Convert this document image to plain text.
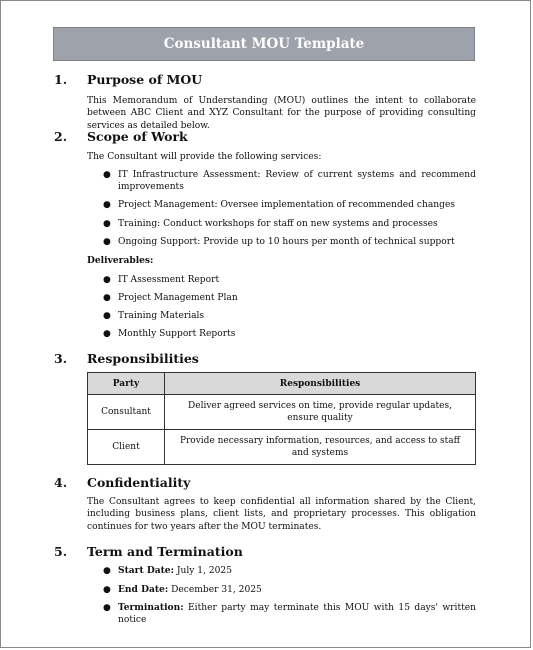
Consultant MOU Template
1. Purpose of MOU
This Memorandum of Understanding (MOU) outlines the intent to collaborate between ABC Client and XYZ Consultant for the purpose of providing consulting services as detailed below.
2. Scope of Work
The Consultant will provide the following services:
● IT Infrastructure Assessment: Review of current systems and recommend improvements
● Project Management: Oversee implementation of recommended changes
● Training: Conduct workshops for staff on new systems and processes
● Ongoing Support: Provide up to 10 hours per month of technical support
Deliverables:
● IT Assessment Report
● Project Management Plan
● Training Materials
● Monthly Support Reports
3. Responsibilities
Party	Responsibilities
Consultant	Deliver agreed services on time, provide regular updates, ensure quality
Client	Provide necessary information, resources, and access to staff and systems
4. Confidentiality
The Consultant agrees to keep confidential all information shared by the Client, including business plans, client lists, and proprietary processes. This obligation continues for two years after the MOU terminates.
5. Term and Termination
● Start Date: July 1, 2025
● End Date: December 31, 2025
● Termination: Either party may terminate this MOU with 15 days' written notice
